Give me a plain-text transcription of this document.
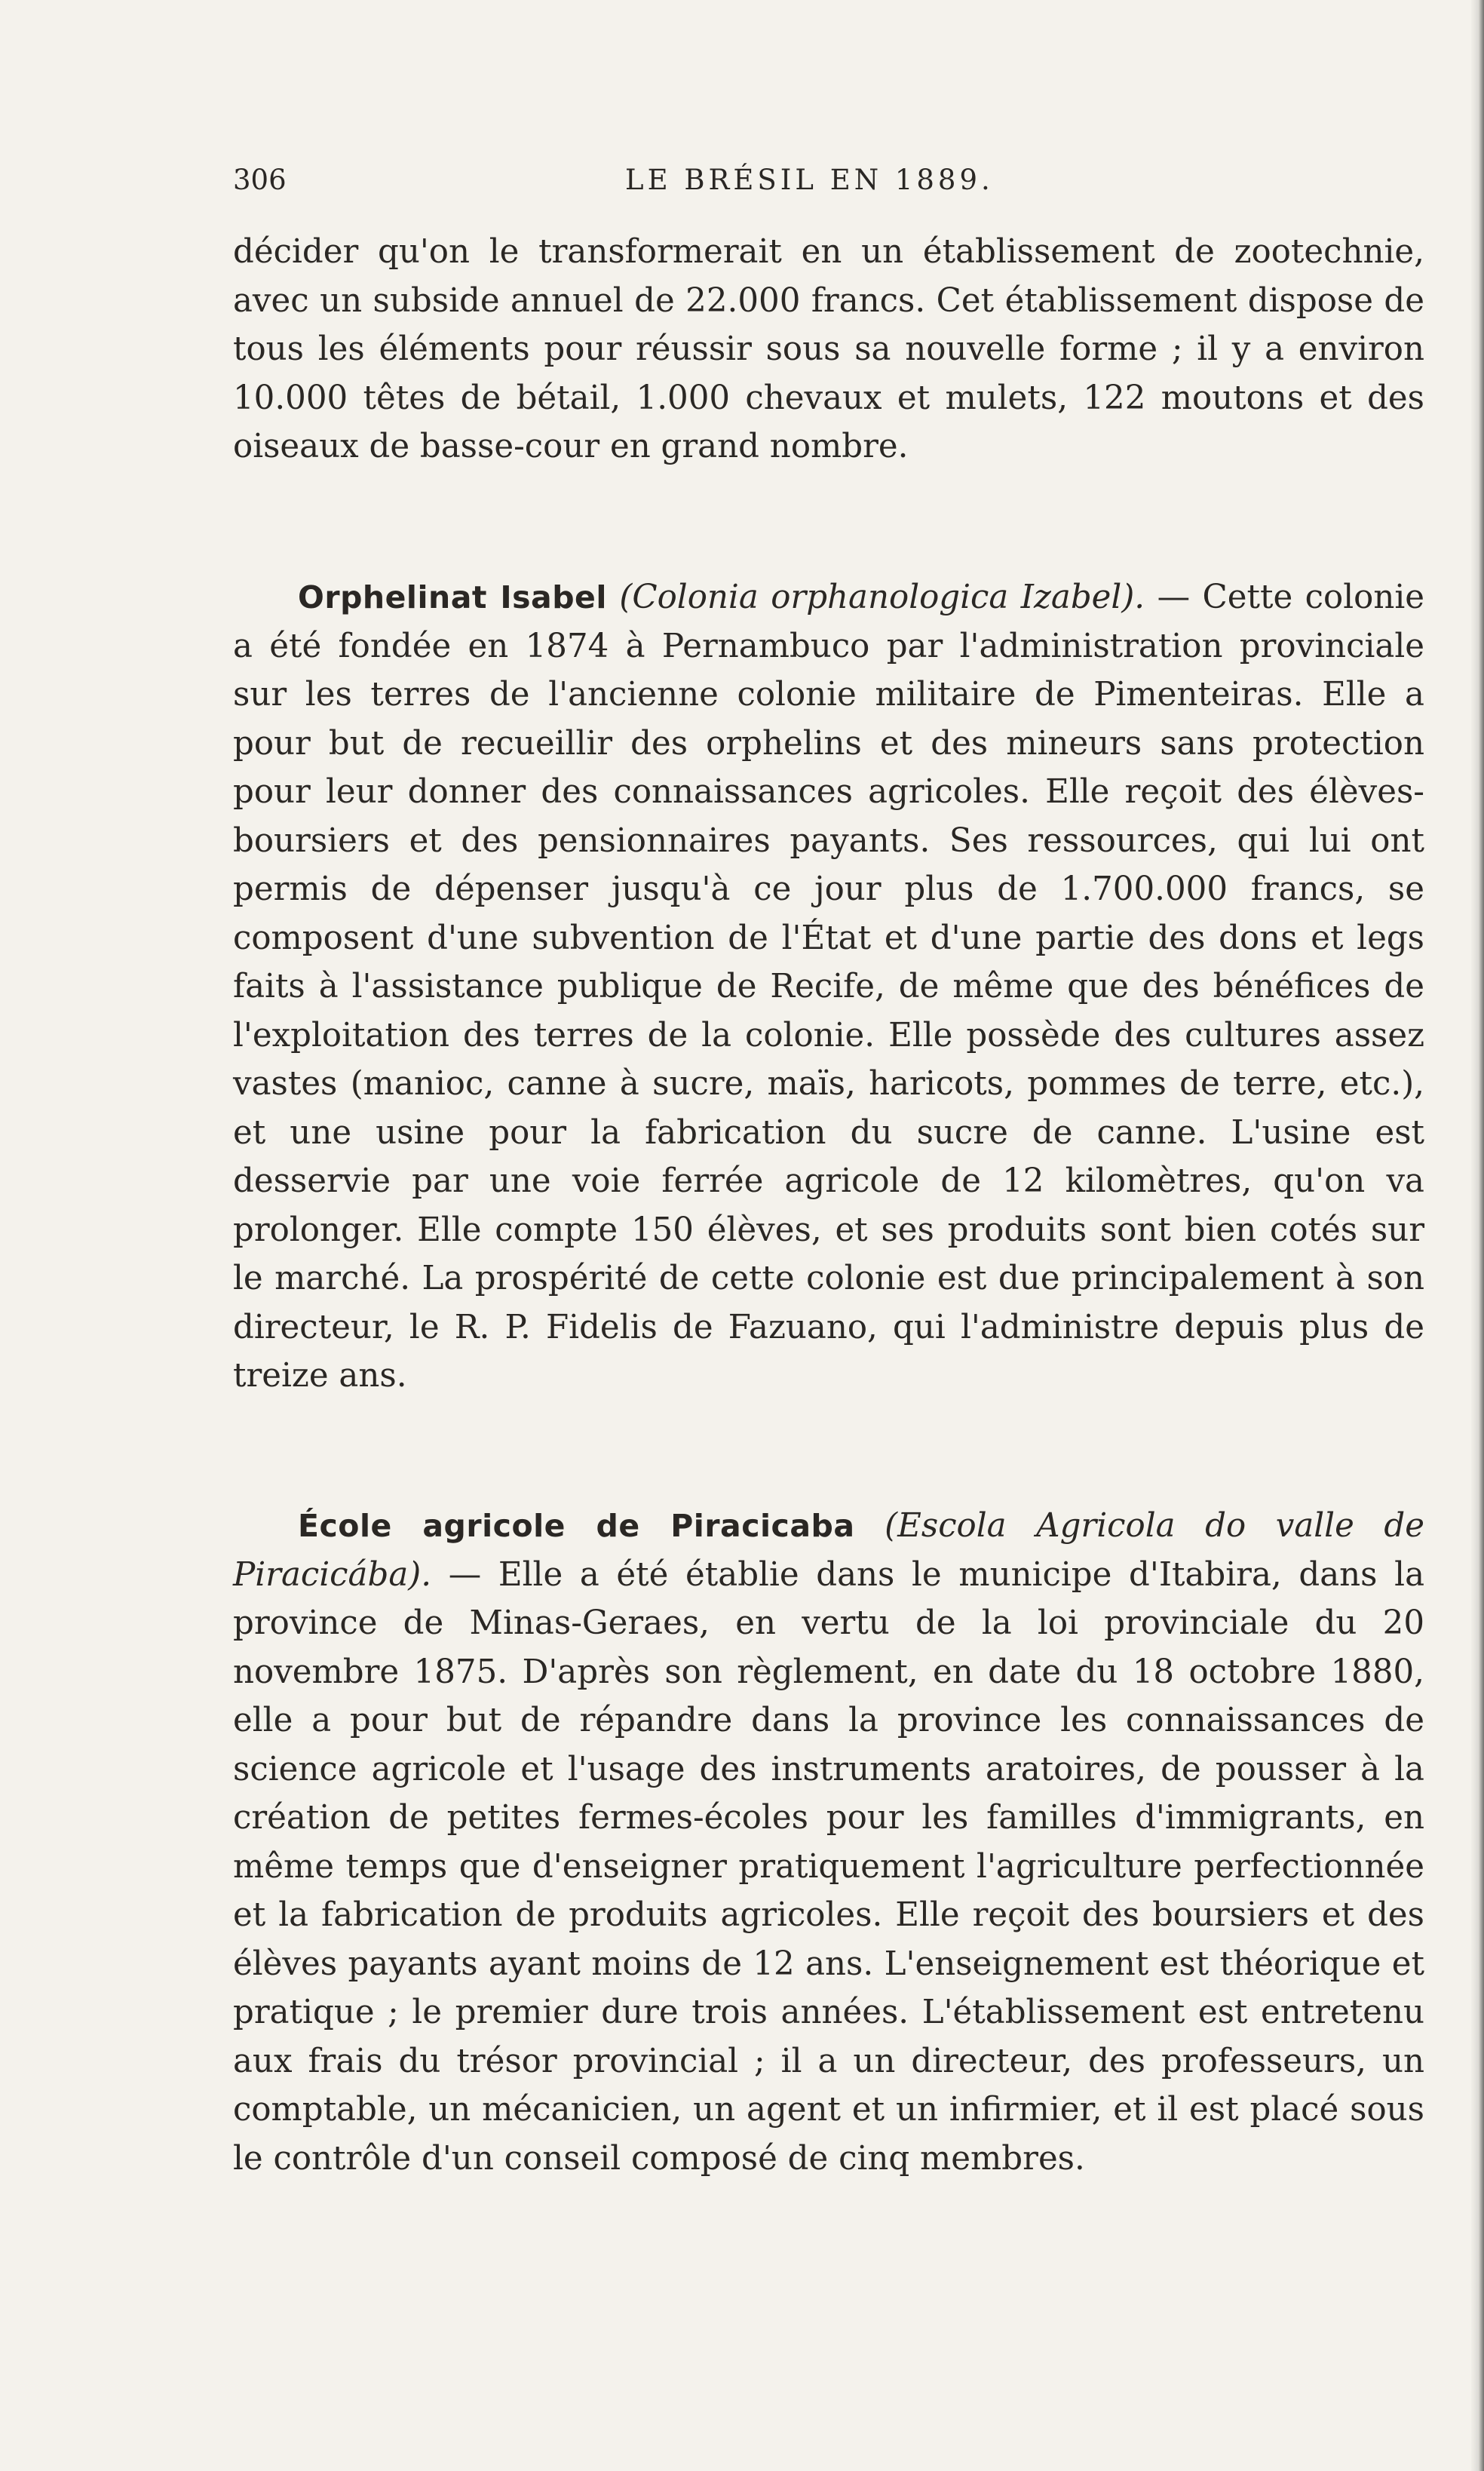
306	LE BRÉSIL EN 1889.
décider qu'on le transformerait en un établissement de zootechnie, avec un subside annuel de 22.000 francs. Cet établissement dispose de tous les éléments pour réussir sous sa nouvelle forme ; il y a environ 10.000 têtes de bétail, 1.000 chevaux et mulets, 122 moutons et des oiseaux de basse-cour en grand nombre.
Orphelinat Isabel (Colonia orphanologica Izabel). — Cette colonie a été fondée en 1874 à Pernambuco par l'administration provinciale sur les terres de l'ancienne colonie militaire de Pimenteiras. Elle a pour but de recueillir des orphelins et des mineurs sans protection pour leur donner des connaissances agricoles. Elle reçoit des élèves-boursiers et des pensionnaires payants. Ses ressources, qui lui ont permis de dépenser jusqu'à ce jour plus de 1.700.000 francs, se composent d'une subvention de l'État et d'une partie des dons et legs faits à l'assistance publique de Recife, de même que des bénéfices de l'exploitation des terres de la colonie. Elle possède des cultures assez vastes (manioc, canne à sucre, maïs, haricots, pommes de terre, etc.), et une usine pour la fabrication du sucre de canne. L'usine est desservie par une voie ferrée agricole de 12 kilomètres, qu'on va prolonger. Elle compte 150 élèves, et ses produits sont bien cotés sur le marché. La prospérité de cette colonie est due principalement à son directeur, le R. P. Fidelis de Fazuano, qui l'administre depuis plus de treize ans.
École agricole de Piracicaba (Escola Agricola do valle de Piracicába). — Elle a été établie dans le municipe d'Itabira, dans la province de Minas-Geraes, en vertu de la loi provinciale du 20 novembre 1875. D'après son règlement, en date du 18 octobre 1880, elle a pour but de répandre dans la province les connaissances de science agricole et l'usage des instruments aratoires, de pousser à la création de petites fermes-écoles pour les familles d'immigrants, en même temps que d'enseigner pratiquement l'agriculture perfectionnée et la fabrication de produits agricoles. Elle reçoit des boursiers et des élèves payants ayant moins de 12 ans. L'enseignement est théorique et pratique ; le premier dure trois années. L'établissement est entretenu aux frais du trésor provincial ; il a un directeur, des professeurs, un comptable, un mécanicien, un agent et un infirmier, et il est placé sous le contrôle d'un conseil composé de cinq membres.
